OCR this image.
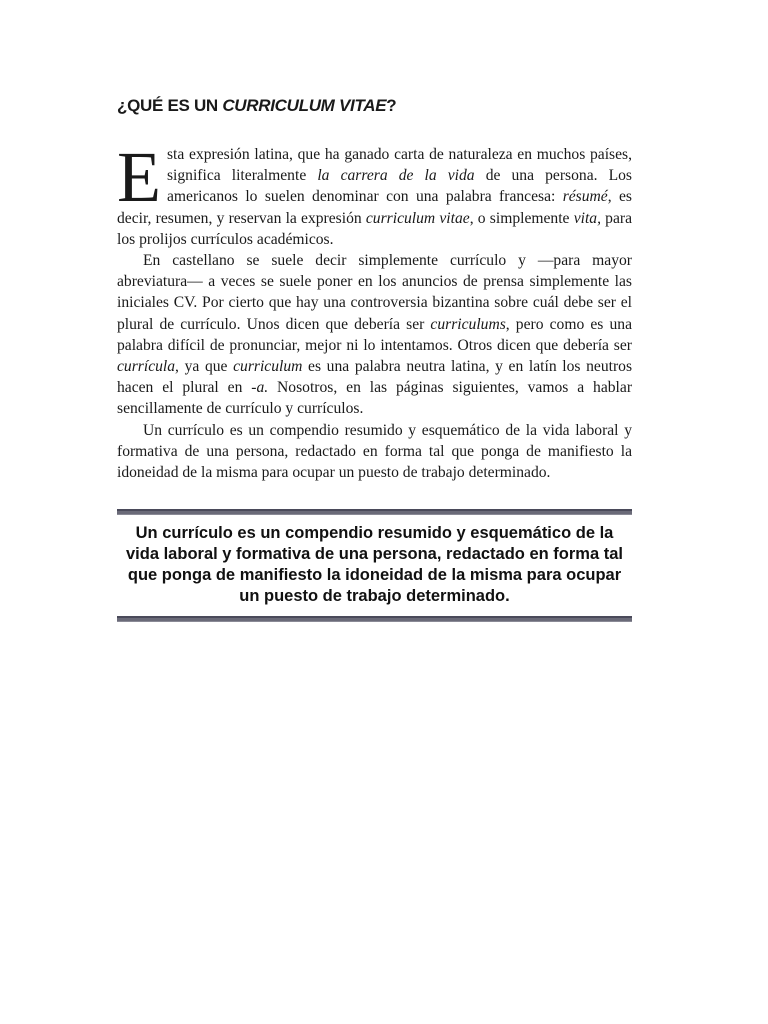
¿QUÉ ES UN CURRICULUM VITAE?

Esta expresión latina, que ha ganado carta de naturaleza en muchos países, significa literalmente la carrera de la vida de una persona. Los americanos lo suelen denominar con una palabra francesa: résumé, es decir, resumen, y reservan la expresión curriculum vitae, o simplemente vita, para los prolijos currículos académicos.

En castellano se suele decir simplemente currículo y —para mayor abreviatura— a veces se suele poner en los anuncios de prensa simplemente las iniciales CV. Por cierto que hay una controversia bizantina sobre cuál debe ser el plural de currículo. Unos dicen que debería ser curriculums, pero como es una palabra difícil de pronunciar, mejor ni lo intentamos. Otros dicen que debería ser currícula, ya que curriculum es una palabra neutra latina, y en latín los neutros hacen el plural en -a. Nosotros, en las páginas siguientes, vamos a hablar sencillamente de currículo y currículos.

Un currículo es un compendio resumido y esquemático de la vida laboral y formativa de una persona, redactado en forma tal que ponga de manifiesto la idoneidad de la misma para ocupar un puesto de trabajo determinado.

Un currículo es un compendio resumido y esquemático de la vida laboral y formativa de una persona, redactado en forma tal que ponga de manifiesto la idoneidad de la misma para ocupar un puesto de trabajo determinado.
